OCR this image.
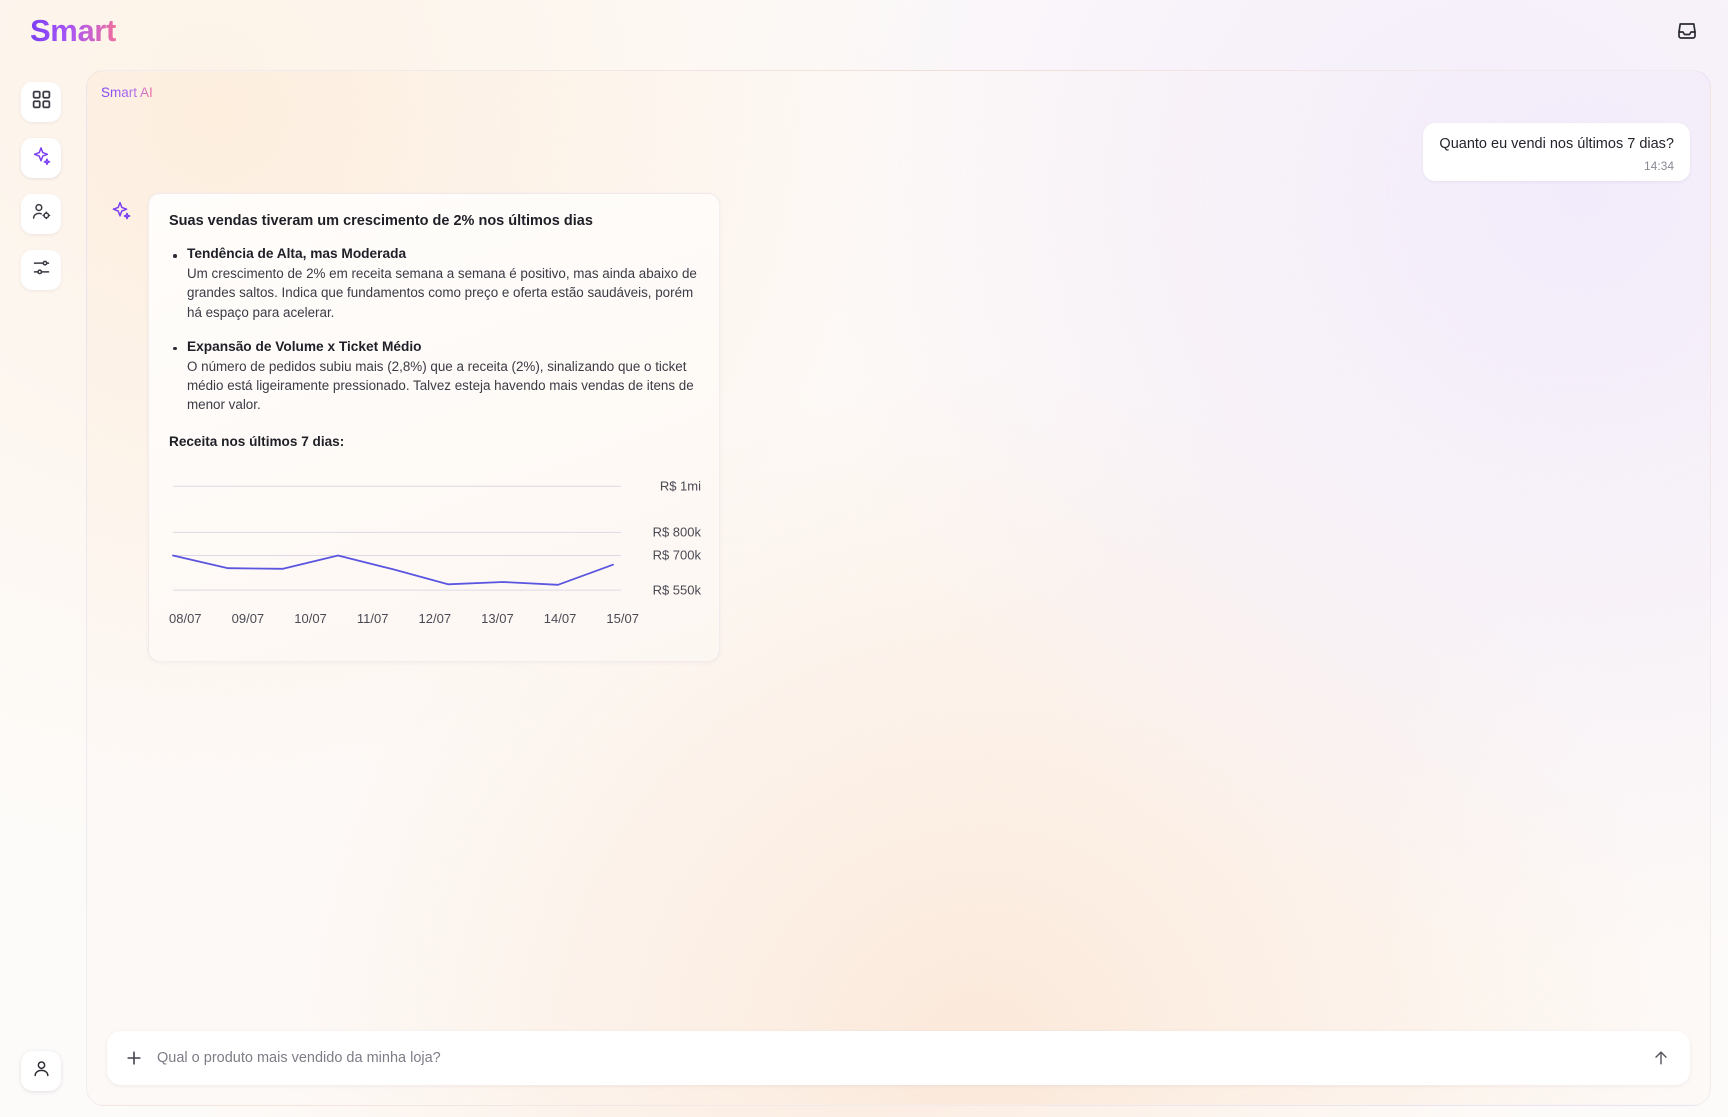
Smart
Smart AI
Quanto eu vendi nos últimos 7 dias?
14:34
Suas vendas tiveram um crescimento de 2% nos últimos dias
Tendência de Alta, mas Moderada
Um crescimento de 2% em receita semana a semana é positivo, mas ainda abaixo de grandes saltos. Indica que fundamentos como preço e oferta estão saudáveis, porém há espaço para acelerar.
Expansão de Volume x Ticket Médio
O número de pedidos subiu mais (2,8%) que a receita (2%), sinalizando que o ticket médio está ligeiramente pressionado. Talvez esteja havendo mais vendas de itens de menor valor.
Receita nos últimos 7 dias:
R$ 1mi
R$ 800k
R$ 700k
R$ 550k
08/07 09/07 10/07 11/07 12/07 13/07 14/07 15/07
Qual o produto mais vendido da minha loja?
